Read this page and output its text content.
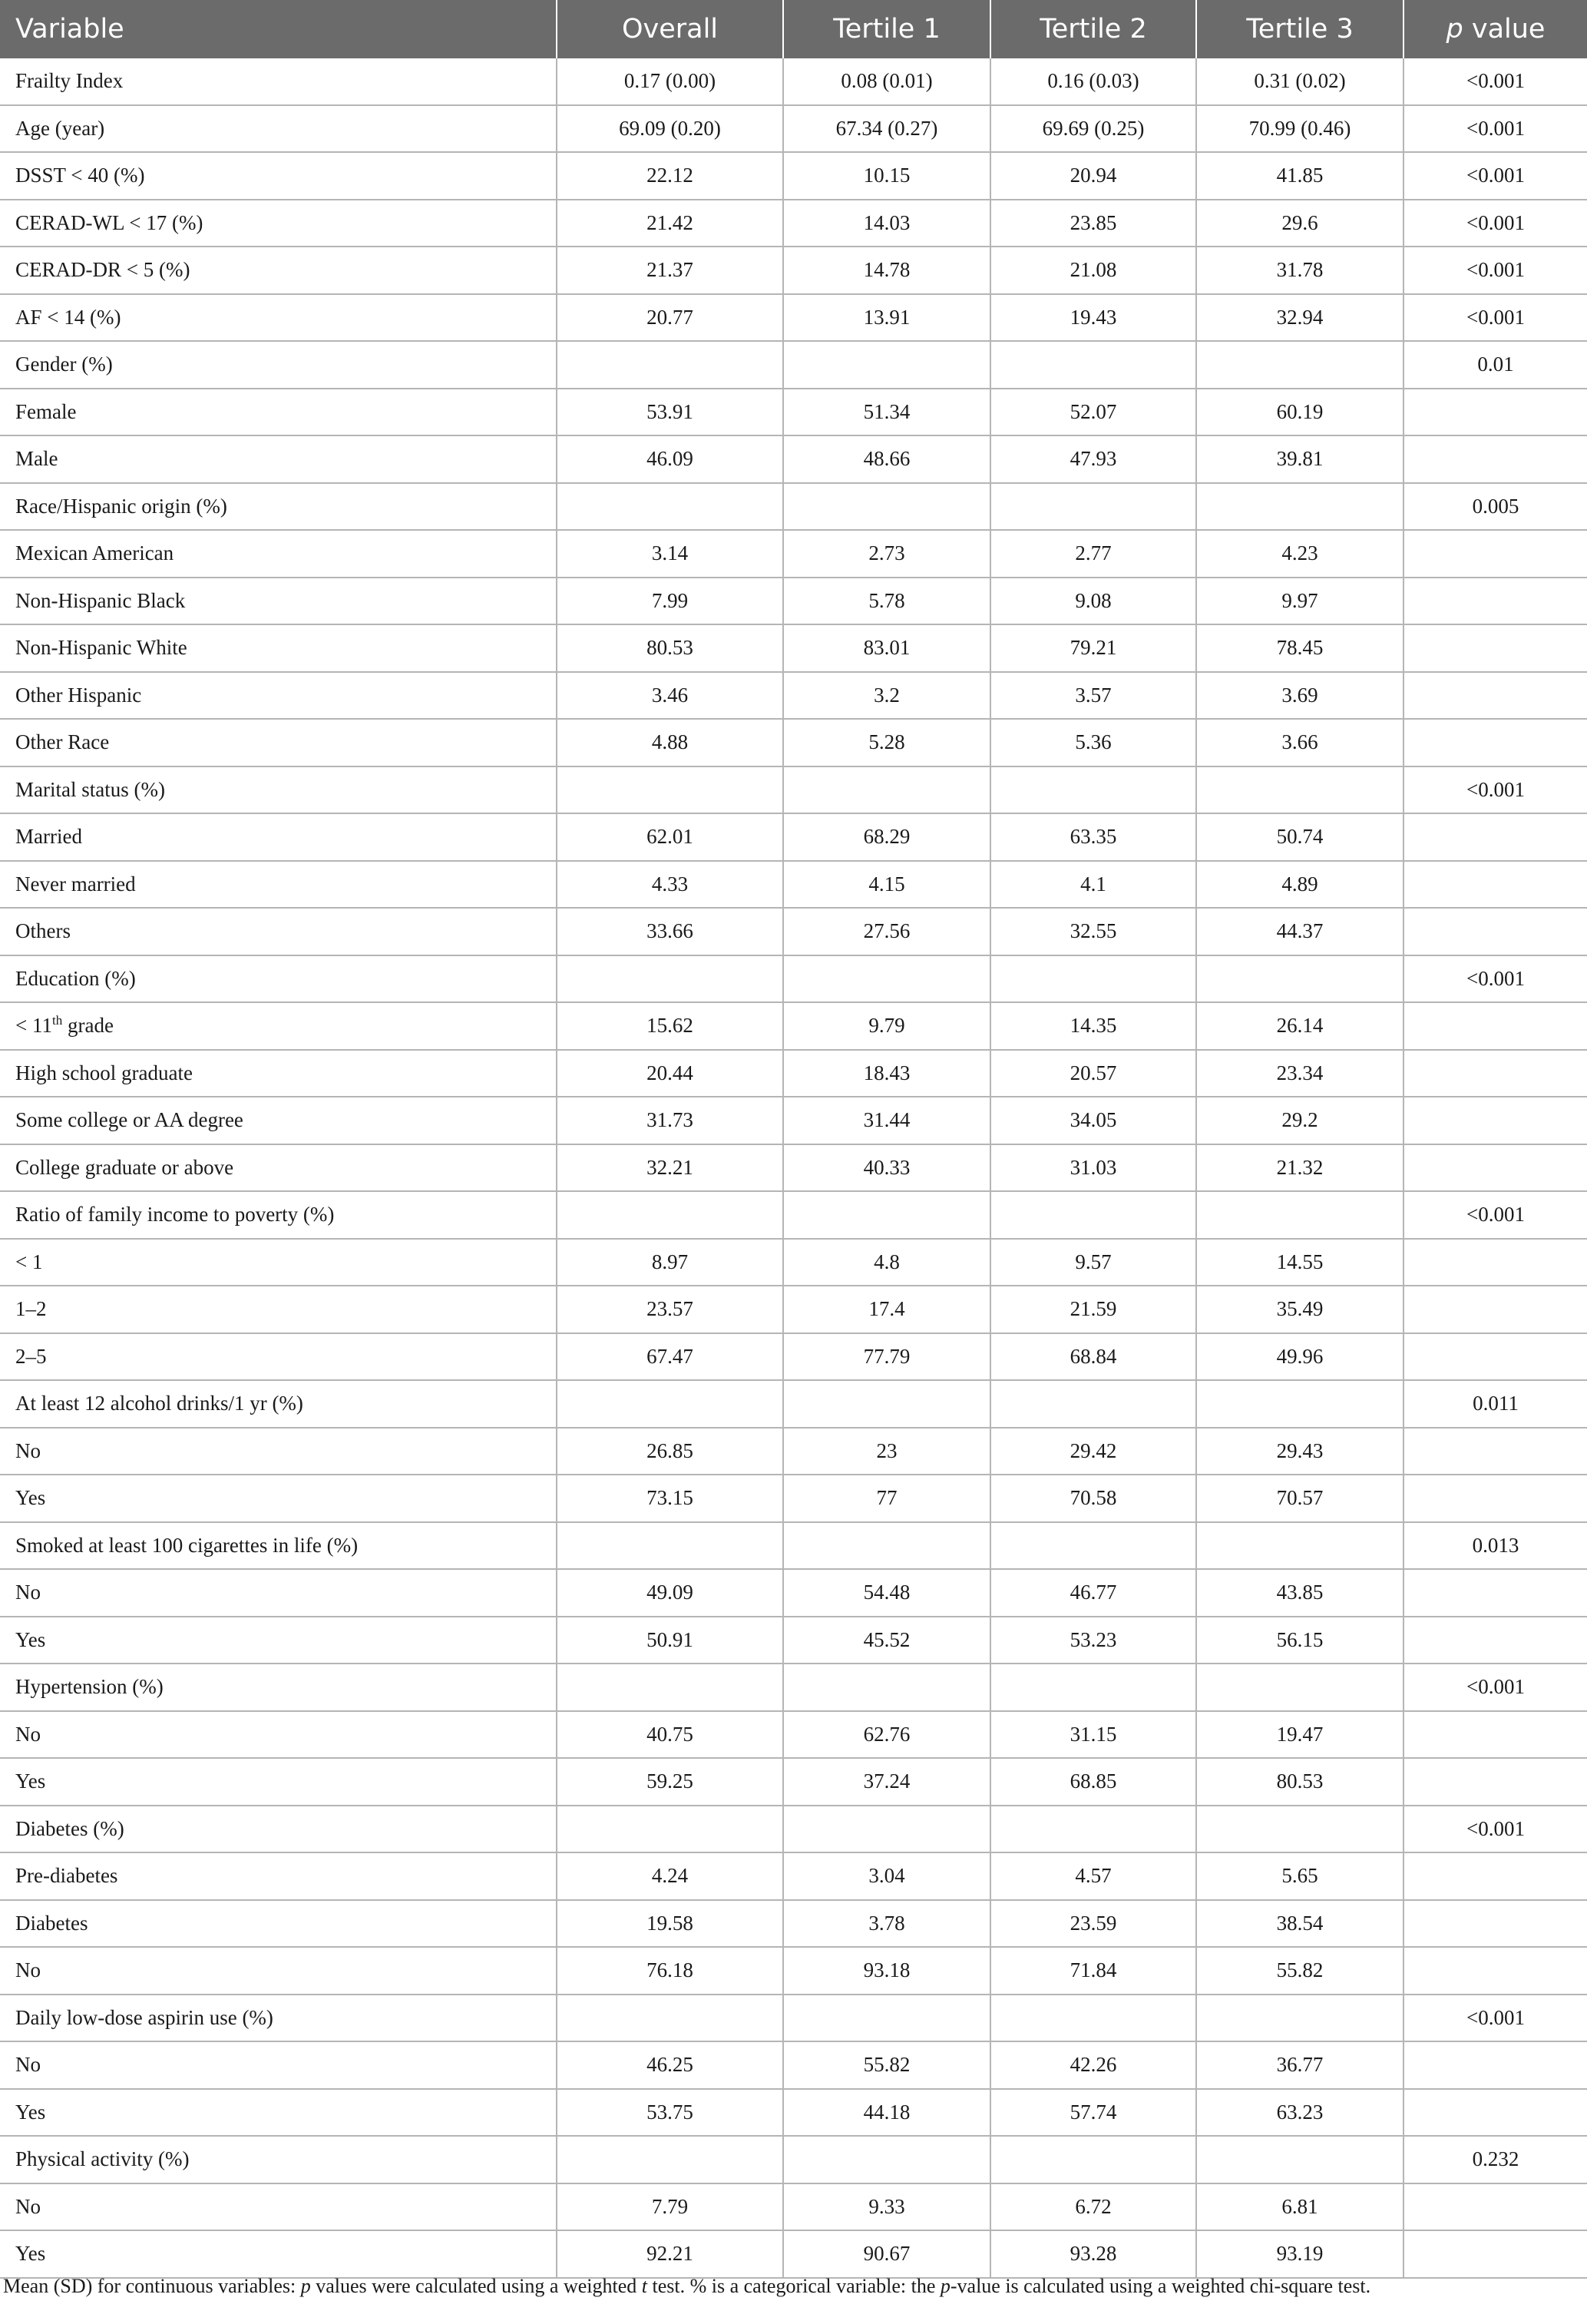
Variable	Overall	Tertile 1	Tertile 2	Tertile 3	p value
Frailty Index	0.17 (0.00)	0.08 (0.01)	0.16 (0.03)	0.31 (0.02)	<0.001
Age (year)	69.09 (0.20)	67.34 (0.27)	69.69 (0.25)	70.99 (0.46)	<0.001
DSST < 40 (%)	22.12	10.15	20.94	41.85	<0.001
CERAD-WL < 17 (%)	21.42	14.03	23.85	29.6	<0.001
CERAD-DR < 5 (%)	21.37	14.78	21.08	31.78	<0.001
AF < 14 (%)	20.77	13.91	19.43	32.94	<0.001
Gender (%)					0.01
Female	53.91	51.34	52.07	60.19	
Male	46.09	48.66	47.93	39.81	
Race/Hispanic origin (%)					0.005
Mexican American	3.14	2.73	2.77	4.23	
Non-Hispanic Black	7.99	5.78	9.08	9.97	
Non-Hispanic White	80.53	83.01	79.21	78.45	
Other Hispanic	3.46	3.2	3.57	3.69	
Other Race	4.88	5.28	5.36	3.66	
Marital status (%)					<0.001
Married	62.01	68.29	63.35	50.74	
Never married	4.33	4.15	4.1	4.89	
Others	33.66	27.56	32.55	44.37	
Education (%)					<0.001
< 11th grade	15.62	9.79	14.35	26.14	
High school graduate	20.44	18.43	20.57	23.34	
Some college or AA degree	31.73	31.44	34.05	29.2	
College graduate or above	32.21	40.33	31.03	21.32	
Ratio of family income to poverty (%)					<0.001
< 1	8.97	4.8	9.57	14.55	
1–2	23.57	17.4	21.59	35.49	
2–5	67.47	77.79	68.84	49.96	
At least 12 alcohol drinks/1 yr (%)					0.011
No	26.85	23	29.42	29.43	
Yes	73.15	77	70.58	70.57	
Smoked at least 100 cigarettes in life (%)					0.013
No	49.09	54.48	46.77	43.85	
Yes	50.91	45.52	53.23	56.15	
Hypertension (%)					<0.001
No	40.75	62.76	31.15	19.47	
Yes	59.25	37.24	68.85	80.53	
Diabetes (%)					<0.001
Pre-diabetes	4.24	3.04	4.57	5.65	
Diabetes	19.58	3.78	23.59	38.54	
No	76.18	93.18	71.84	55.82	
Daily low-dose aspirin use (%)					<0.001
No	46.25	55.82	42.26	36.77	
Yes	53.75	44.18	57.74	63.23	
Physical activity (%)					0.232
No	7.79	9.33	6.72	6.81	
Yes	92.21	90.67	93.28	93.19	
Mean (SD) for continuous variables: p values were calculated using a weighted t test. % is a categorical variable: the p-value is calculated using a weighted chi-square test.
